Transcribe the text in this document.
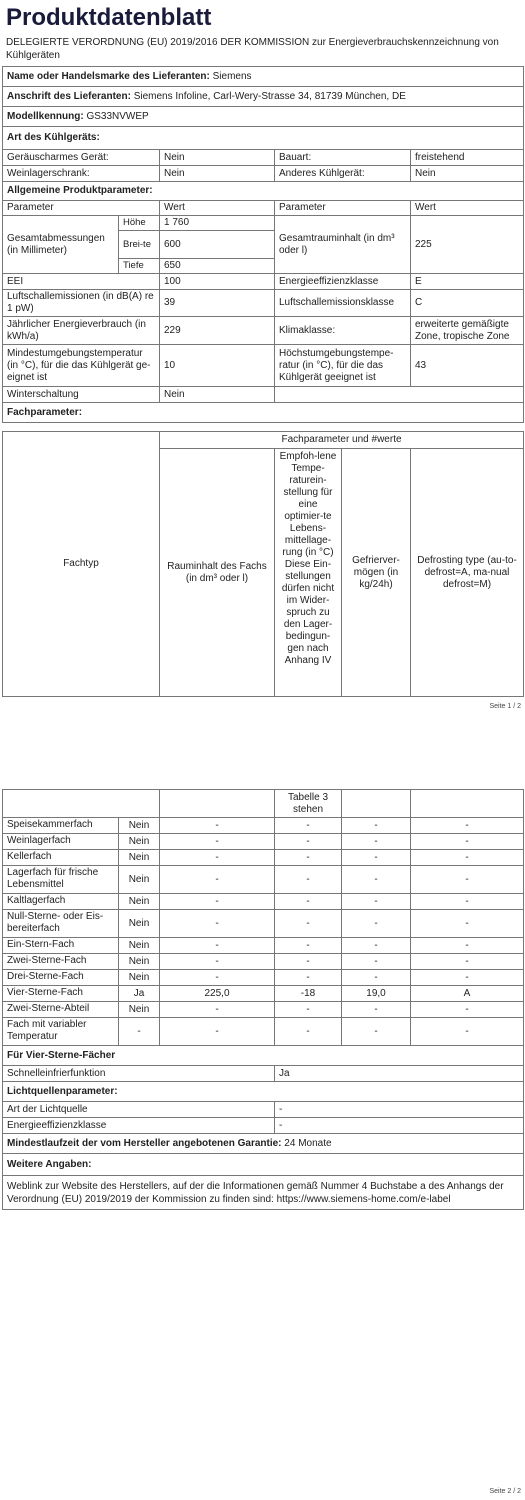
Produktdatenblatt
DELEGIERTE VERORDNUNG (EU) 2019/2016 DER KOMMISSION zur Energieverbrauchskennzeichnung von Kühlgeräten
Name oder Handelsmarke des Lieferanten: Siemens				
Anschrift des Lieferanten: Siemens Infoline, Carl-Wery-Strasse 34, 81739 München, DE				
Modellkennung: GS33NVWEP				
Art des Kühlgeräts:				
Geräuscharmes Gerät:		Nein	Bauart:	freistehend
Weinlagerschrank:		Nein	Anderes Kühlgerät:	Nein
Allgemeine Produktparameter:				
Parameter		Wert	Parameter	Wert
Gesamtabmessungen (in Millimeter)	Höhe	1 760	Gesamtrauminhalt (in dm³ oder l)	225
	Brei-te	600		
	Tiefe	650		
EEI		100	Energieeffizienzklasse	E
Luftschallemissionen (in dB(A) re 1 pW)		39	Luftschallemissionsklasse	C
Jährlicher Energieverbrauch (in kWh/a)		229	Klimaklasse:	erweiterte gemäßigte Zone, tropische Zone
Mindestumgebungstemperatur (in °C), für die das Kühlgerät ge-eignet ist		10	Höchstumgebungstempe-ratur (in °C), für die das Kühlgerät geeignet ist	43
Winterschaltung		Nein		
Fachparameter:				
Fachtyp	Fachparameter und #werte			
	Rauminhalt des Fachs (in dm³ oder l)	Empfoh-lene Tempe-raturein-stellung für eine optimier-te Lebens-mittellage-rung (in °C) Diese Ein-stellungen dürfen nicht im Wider-spruch zu den Lager-bedingun-gen nach Anhang IV	Gefrierver-mögen (in kg/24h)	Defrosting type (au-to-defrost=A, ma-nual defrost=M)
Seite 1 / 2
			Tabelle 3 stehen		
Speisekammerfach	Nein	-	-	-	-
Weinlagerfach	Nein	-	-	-	-
Kellerfach	Nein	-	-	-	-
Lagerfach für frische Lebensmittel	Nein	-	-	-	-
Kaltlagerfach	Nein	-	-	-	-
Null-Sterne- oder Eis-bereiterfach	Nein	-	-	-	-
Ein-Stern-Fach	Nein	-	-	-	-
Zwei-Sterne-Fach	Nein	-	-	-	-
Drei-Sterne-Fach	Nein	-	-	-	-
Vier-Sterne-Fach	Ja	225,0	-18	19,0	A
Zwei-Sterne-Abteil	Nein	-	-	-	-
Fach mit variabler Temperatur	-	-	-	-	-
Für Vier-Sterne-Fächer					
Schnelleinfrierfunktion			Ja		
Lichtquellenparameter:					
Art der Lichtquelle			-		
Energieeffizienzklasse			-		
Mindestlaufzeit der vom Hersteller angebotenen Garantie: 24 Monate					
Weitere Angaben:					
Weblink zur Website des Herstellers, auf der die Informationen gemäß Nummer 4 Buchstabe a des Anhangs der Verordnung (EU) 2019/2019 der Kommission zu finden sind: https://www.siemens-home.com/e-label					
Seite 2 / 2
